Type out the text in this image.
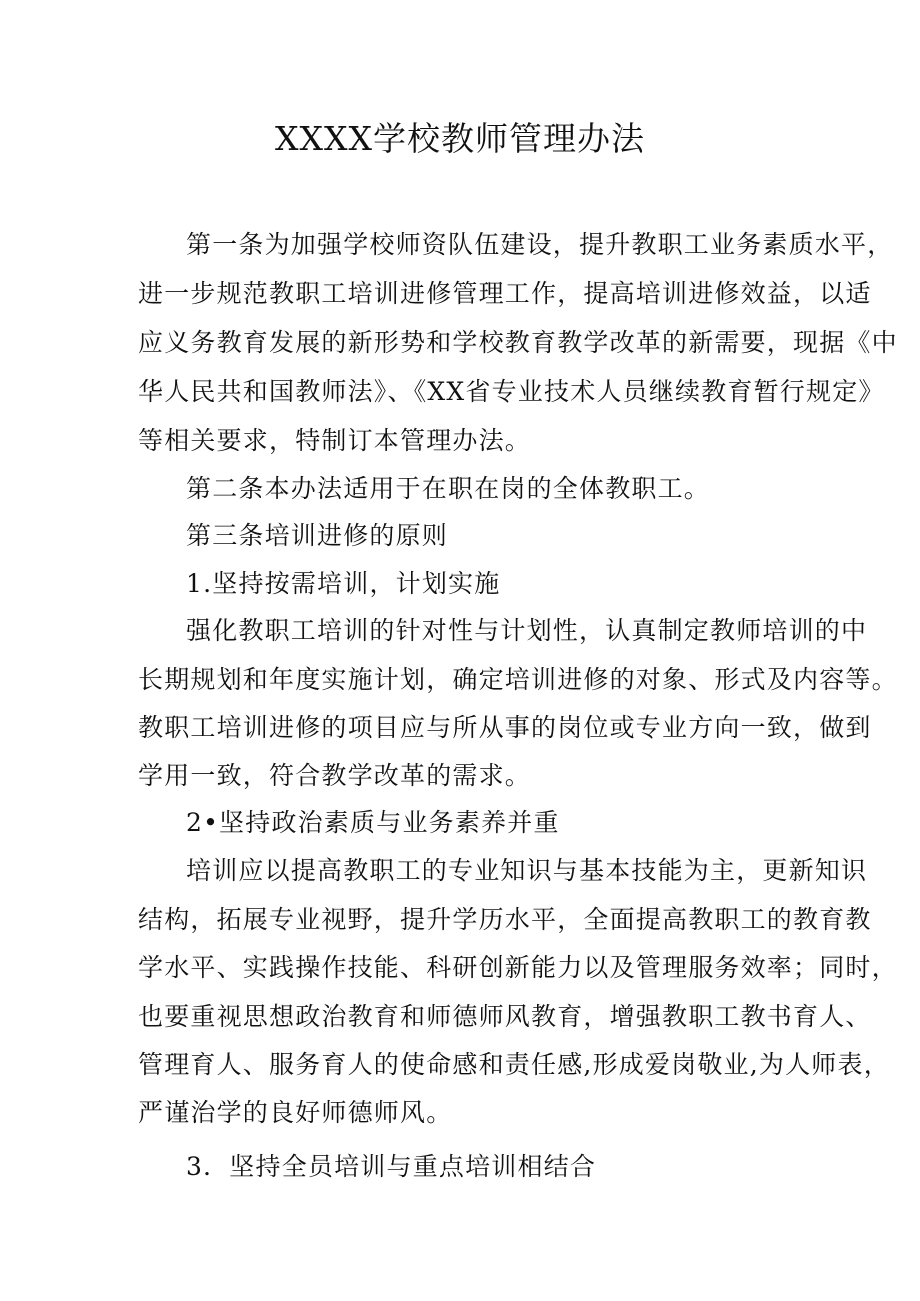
XXXX学校教师管理办法
第一条为加强学校师资队伍建设，提升教职工业务素质水平，
进一步规范教职工培训进修管理工作，提高培训进修效益，以适
应义务教育发展的新形势和学校教育教学改革的新需要，现据《中
华人民共和国教师法》、《XX省专业技术人员继续教育暂行规定》
等相关要求，特制订本管理办法。
第二条本办法适用于在职在岗的全体教职工。
第三条培训进修的原则
1.坚持按需培训，计划实施
强化教职工培训的针对性与计划性，认真制定教师培训的中
长期规划和年度实施计划，确定培训进修的对象、形式及内容等。
教职工培训进修的项目应与所从事的岗位或专业方向一致，做到
学用一致，符合教学改革的需求。
2•坚持政治素质与业务素养并重
培训应以提高教职工的专业知识与基本技能为主，更新知识
结构，拓展专业视野，提升学历水平，全面提高教职工的教育教
学水平、实践操作技能、科研创新能力以及管理服务效率；同时，
也要重视思想政治教育和师德师风教育，增强教职工教书育人、
管理育人、服务育人的使命感和责任感,形成爱岗敬业,为人师表，
严谨治学的良好师德师风。
3．坚持全员培训与重点培训相结合
